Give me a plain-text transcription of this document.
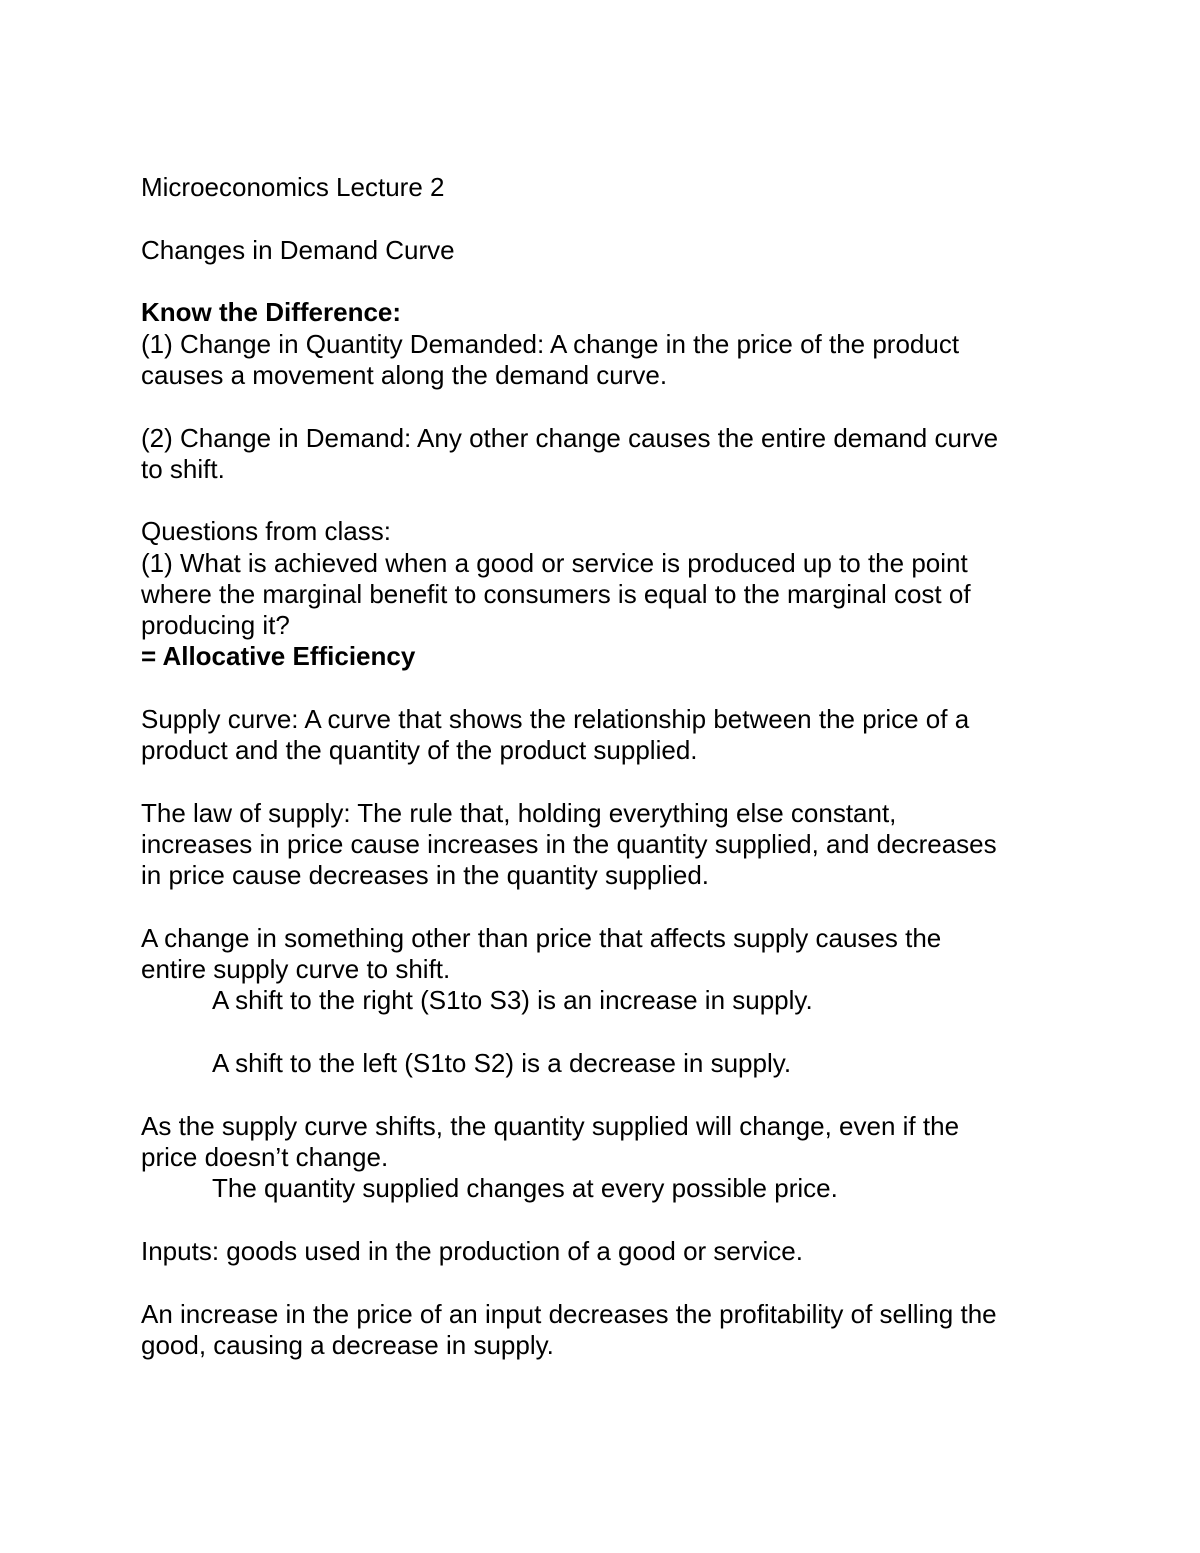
Microeconomics Lecture 2
Changes in Demand Curve
Know the Difference:
(1) Change in Quantity Demanded: A change in the price of the product
causes a movement along the demand curve.
(2) Change in Demand: Any other change causes the entire demand curve
to shift.
Questions from class:
(1) What is achieved when a good or service is produced up to the point
where the marginal benefit to consumers is equal to the marginal cost of
producing it?
= Allocative Efficiency
Supply curve: A curve that shows the relationship between the price of a
product and the quantity of the product supplied.
The law of supply: The rule that, holding everything else constant,
increases in price cause increases in the quantity supplied, and decreases
in price cause decreases in the quantity supplied.
A change in something other than price that affects supply causes the
entire supply curve to shift.
A shift to the right (S1to S3) is an increase in supply.
A shift to the left (S1to S2) is a decrease in supply.
As the supply curve shifts, the quantity supplied will change, even if the
price doesn’t change.
The quantity supplied changes at every possible price.
Inputs: goods used in the production of a good or service.
An increase in the price of an input decreases the profitability of selling the
good, causing a decrease in supply.
